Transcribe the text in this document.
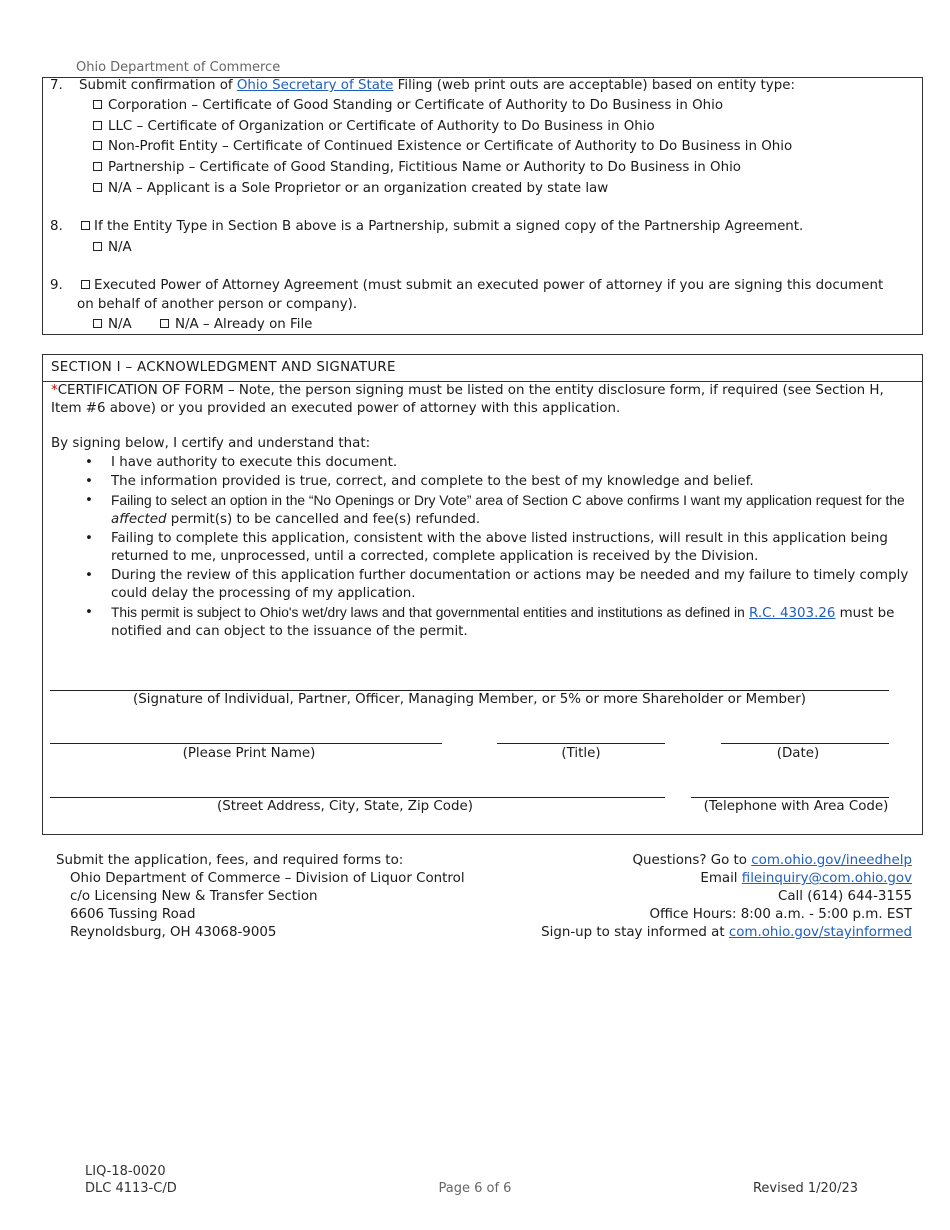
Ohio Department of Commerce
7. Submit confirmation of Ohio Secretary of State Filing (web print outs are acceptable) based on entity type:
Corporation – Certificate of Good Standing or Certificate of Authority to Do Business in Ohio
LLC – Certificate of Organization or Certificate of Authority to Do Business in Ohio
Non-Profit Entity – Certificate of Continued Existence or Certificate of Authority to Do Business in Ohio
Partnership – Certificate of Good Standing, Fictitious Name or Authority to Do Business in Ohio
N/A – Applicant is a Sole Proprietor or an organization created by state law
8. If the Entity Type in Section B above is a Partnership, submit a signed copy of the Partnership Agreement.
N/A
9. Executed Power of Attorney Agreement (must submit an executed power of attorney if you are signing this document
on behalf of another person or company).
N/A	N/A – Already on File
SECTION I – ACKNOWLEDGMENT AND SIGNATURE
*CERTIFICATION OF FORM – Note, the person signing must be listed on the entity disclosure form, if required (see Section H, Item #6 above) or you provided an executed power of attorney with this application.
By signing below, I certify and understand that:
• I have authority to execute this document.
• The information provided is true, correct, and complete to the best of my knowledge and belief.
• Failing to select an option in the “No Openings or Dry Vote” area of Section C above confirms I want my application request for the affected permit(s) to be cancelled and fee(s) refunded.
• Failing to complete this application, consistent with the above listed instructions, will result in this application being returned to me, unprocessed, until a corrected, complete application is received by the Division.
• During the review of this application further documentation or actions may be needed and my failure to timely comply could delay the processing of my application.
• This permit is subject to Ohio's wet/dry laws and that governmental entities and institutions as defined in R.C. 4303.26 must be notified and can object to the issuance of the permit.
(Signature of Individual, Partner, Officer, Managing Member, or 5% or more Shareholder or Member)
(Please Print Name)	(Title)	(Date)
(Street Address, City, State, Zip Code)	(Telephone with Area Code)
Submit the application, fees, and required forms to:
Ohio Department of Commerce – Division of Liquor Control
c/o Licensing New & Transfer Section
6606 Tussing Road
Reynoldsburg, OH 43068-9005
Questions? Go to com.ohio.gov/ineedhelp
Email fileinquiry@com.ohio.gov
Call (614) 644-3155
Office Hours: 8:00 a.m. - 5:00 p.m. EST
Sign-up to stay informed at com.ohio.gov/stayinformed
LIQ-18-0020
DLC 4113-C/D	Page 6 of 6	Revised 1/20/23
